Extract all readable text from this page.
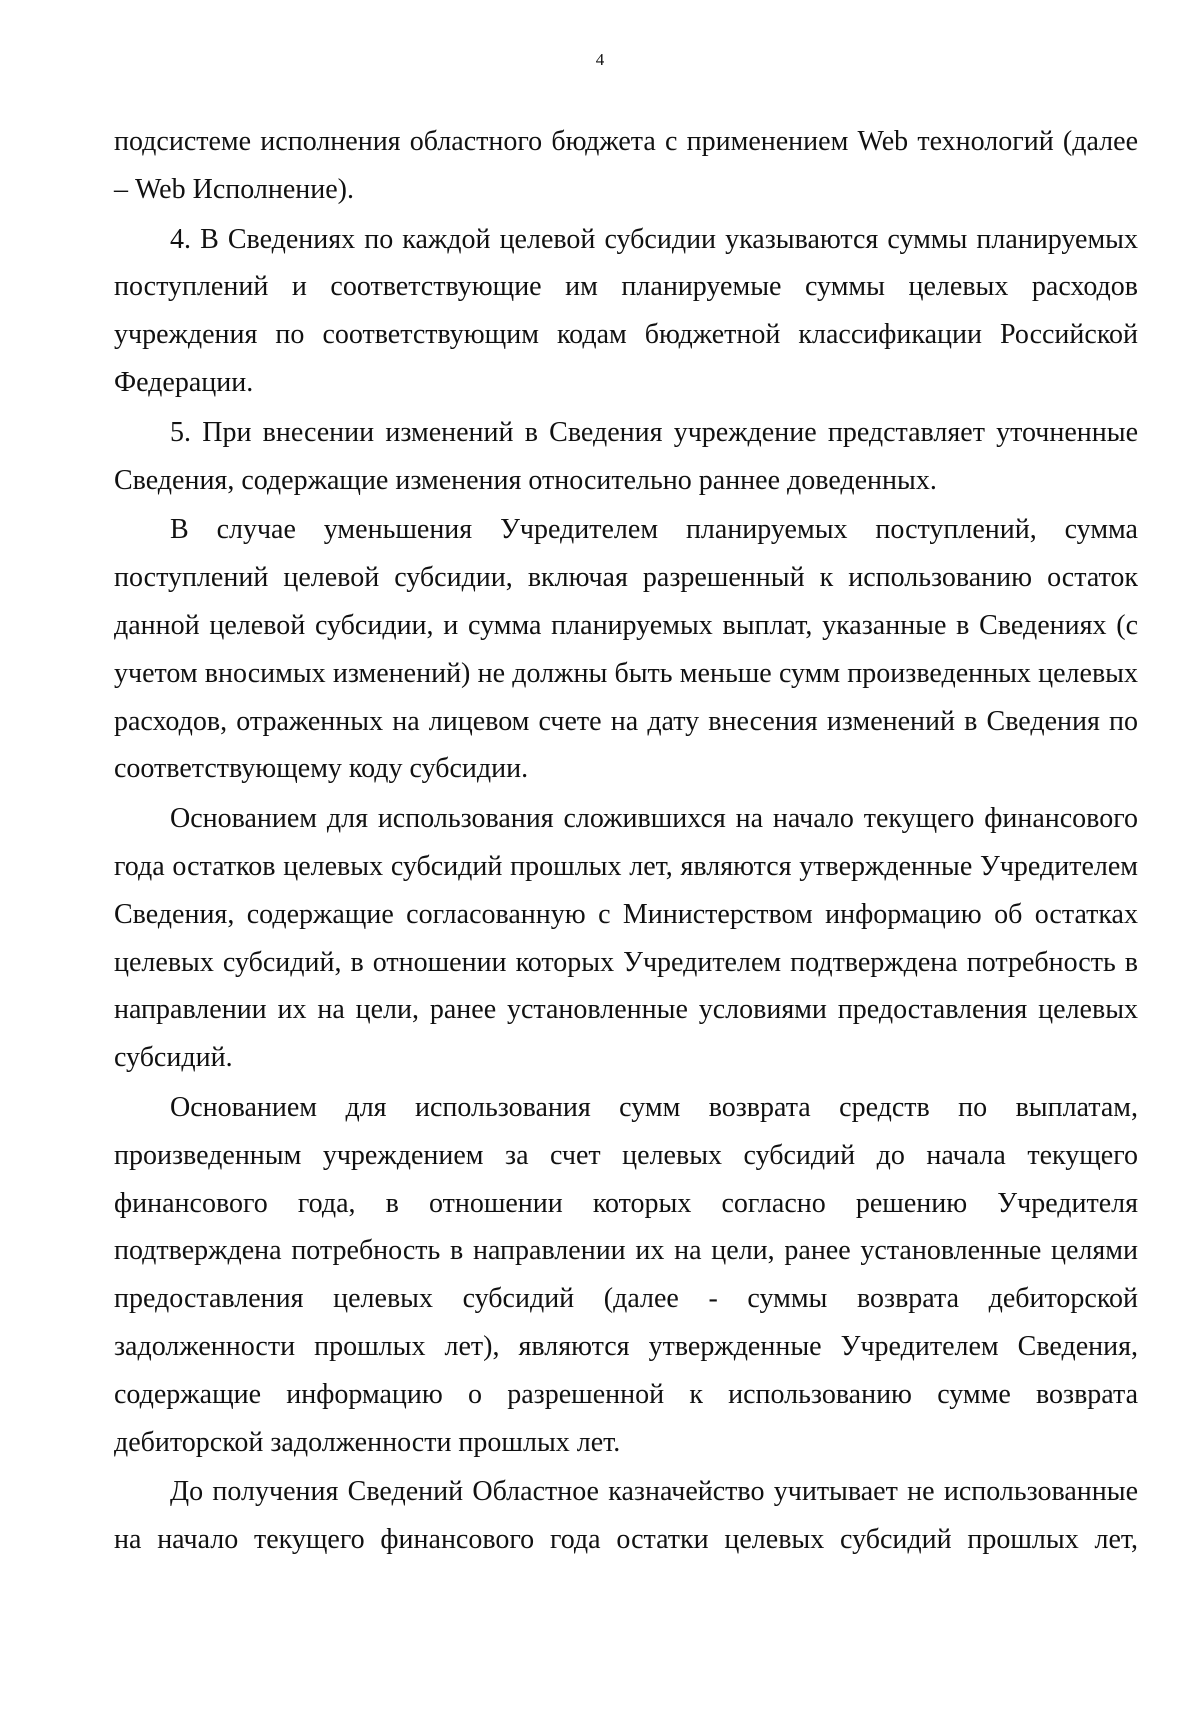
4

подсистеме исполнения областного бюджета с применением Web технологий (далее – Web Исполнение).

4. В Сведениях по каждой целевой субсидии указываются суммы планируемых поступлений и соответствующие им планируемые суммы целевых расходов учреждения по соответствующим кодам бюджетной классификации Российской Федерации.

5. При внесении изменений в Сведения учреждение представляет уточненные Сведения, содержащие изменения относительно раннее доведенных.

В случае уменьшения Учредителем планируемых поступлений, сумма поступлений целевой субсидии, включая разрешенный к использованию остаток данной целевой субсидии, и сумма планируемых выплат, указанные в Сведениях (с учетом вносимых изменений) не должны быть меньше сумм произведенных целевых расходов, отраженных на лицевом счете на дату внесения изменений в Сведения по соответствующему коду субсидии.

Основанием для использования сложившихся на начало текущего финансового года остатков целевых субсидий прошлых лет, являются утвержденные Учредителем Сведения, содержащие согласованную с Министерством информацию об остатках целевых субсидий, в отношении которых Учредителем подтверждена потребность в направлении их на цели, ранее установленные условиями предоставления целевых субсидий.

Основанием для использования сумм возврата средств по выплатам, произведенным учреждением за счет целевых субсидий до начала текущего финансового года, в отношении которых согласно решению Учредителя подтверждена потребность в направлении их на цели, ранее установленные целями предоставления целевых субсидий (далее - суммы возврата дебиторской задолженности прошлых лет), являются утвержденные Учредителем Сведения, содержащие информацию о разрешенной к использованию сумме возврата дебиторской задолженности прошлых лет.

До получения Сведений Областное казначейство учитывает не использованные на начало текущего финансового года остатки целевых субсидий прошлых лет,
